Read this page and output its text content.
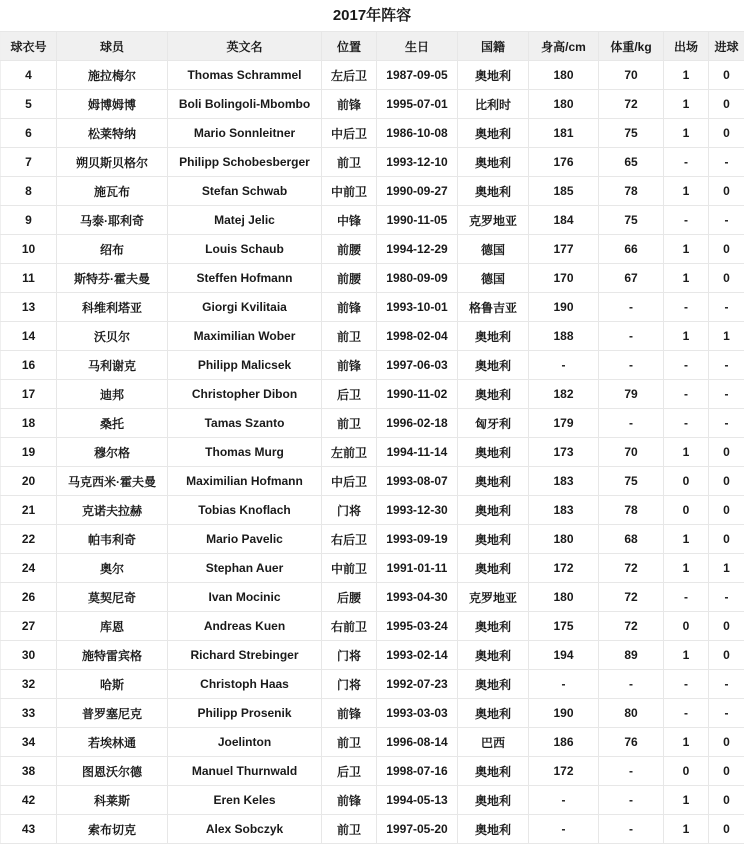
2017年阵容
球衣号	球员	英文名	位置	生日	国籍	身高/cm	体重/kg	出场	进球
4	施拉梅尔	Thomas Schrammel	左后卫	1987-09-05	奥地利	180	70	1	0
5	姆博姆博	Boli Bolingoli-Mbombo	前锋	1995-07-01	比利时	180	72	1	0
6	松莱特纳	Mario Sonnleitner	中后卫	1986-10-08	奥地利	181	75	1	0
7	朔贝斯贝格尔	Philipp Schobesberger	前卫	1993-12-10	奥地利	176	65	-	-
8	施瓦布	Stefan Schwab	中前卫	1990-09-27	奥地利	185	78	1	0
9	马泰·耶利奇	Matej Jelic	中锋	1990-11-05	克罗地亚	184	75	-	-
10	绍布	Louis Schaub	前腰	1994-12-29	德国	177	66	1	0
11	斯特芬·霍夫曼	Steffen Hofmann	前腰	1980-09-09	德国	170	67	1	0
13	科维利塔亚	Giorgi Kvilitaia	前锋	1993-10-01	格鲁吉亚	190	-	-	-
14	沃贝尔	Maximilian Wober	前卫	1998-02-04	奥地利	188	-	1	1
16	马利谢克	Philipp Malicsek	前锋	1997-06-03	奥地利	-	-	-	-
17	迪邦	Christopher Dibon	后卫	1990-11-02	奥地利	182	79	-	-
18	桑托	Tamas Szanto	前卫	1996-02-18	匈牙利	179	-	-	-
19	穆尔格	Thomas Murg	左前卫	1994-11-14	奥地利	173	70	1	0
20	马克西米·霍夫曼	Maximilian Hofmann	中后卫	1993-08-07	奥地利	183	75	0	0
21	克诺夫拉赫	Tobias Knoflach	门将	1993-12-30	奥地利	183	78	0	0
22	帕韦利奇	Mario Pavelic	右后卫	1993-09-19	奥地利	180	68	1	0
24	奥尔	Stephan Auer	中前卫	1991-01-11	奥地利	172	72	1	1
26	莫契尼奇	Ivan Mocinic	后腰	1993-04-30	克罗地亚	180	72	-	-
27	库恩	Andreas Kuen	右前卫	1995-03-24	奥地利	175	72	0	0
30	施特雷宾格	Richard Strebinger	门将	1993-02-14	奥地利	194	89	1	0
32	哈斯	Christoph Haas	门将	1992-07-23	奥地利	-	-	-	-
33	普罗塞尼克	Philipp Prosenik	前锋	1993-03-03	奥地利	190	80	-	-
34	若埃林通	Joelinton	前卫	1996-08-14	巴西	186	76	1	0
38	图恩沃尔德	Manuel Thurnwald	后卫	1998-07-16	奥地利	172	-	0	0
42	科莱斯	Eren Keles	前锋	1994-05-13	奥地利	-	-	1	0
43	索布切克	Alex Sobczyk	前卫	1997-05-20	奥地利	-	-	1	0
